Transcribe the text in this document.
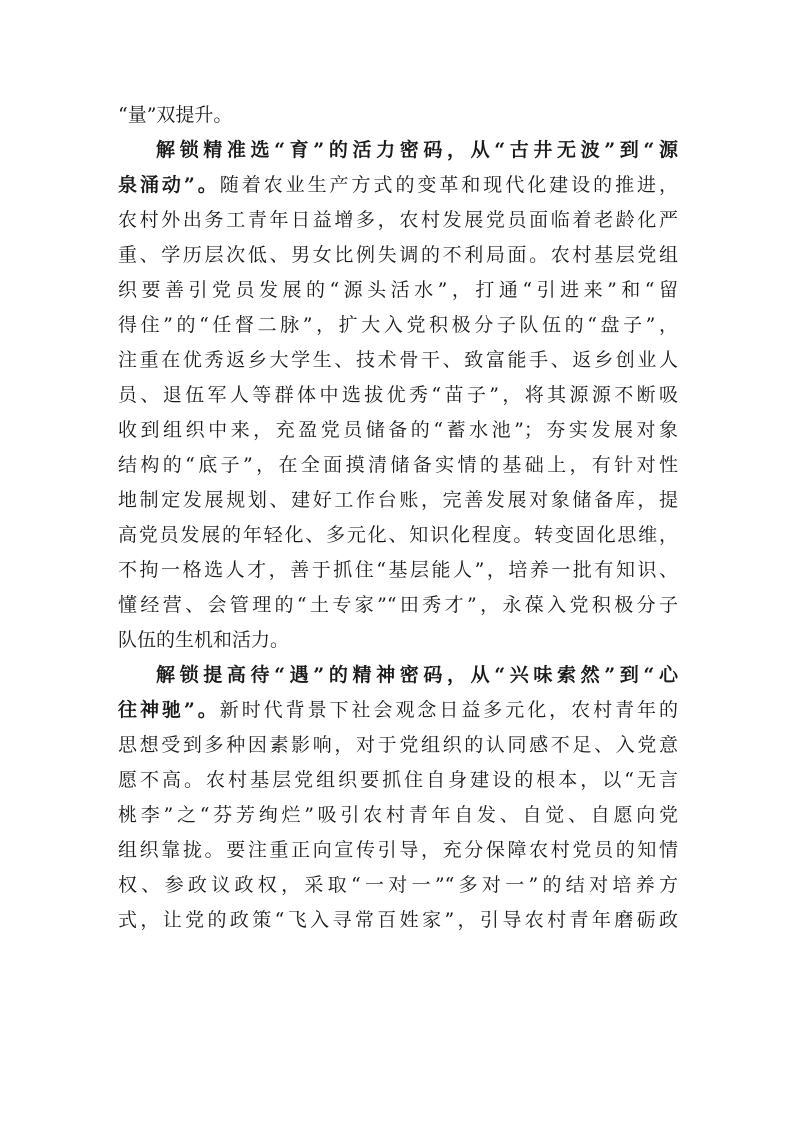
“量”双提升。
解锁精准选“育”的活力密码，从“古井无波”到“源
泉涌动”。随着农业生产方式的变革和现代化建设的推进，
农村外出务工青年日益增多，农村发展党员面临着老龄化严
重、学历层次低、男女比例失调的不利局面。农村基层党组
织要善引党员发展的“源头活水”，打通“引进来”和“留
得住”的“任督二脉”，扩大入党积极分子队伍的“盘子”，
注重在优秀返乡大学生、技术骨干、致富能手、返乡创业人
员、退伍军人等群体中选拔优秀“苗子”，将其源源不断吸
收到组织中来，充盈党员储备的“蓄水池”；夯实发展对象
结构的“底子”，在全面摸清储备实情的基础上，有针对性
地制定发展规划、建好工作台账，完善发展对象储备库，提
高党员发展的年轻化、多元化、知识化程度。转变固化思维，
不拘一格选人才，善于抓住“基层能人”，培养一批有知识、
懂经营、会管理的“土专家”“田秀才”，永葆入党积极分子
队伍的生机和活力。
解锁提高待“遇”的精神密码，从“兴味索然”到“心
往神驰”。新时代背景下社会观念日益多元化，农村青年的
思想受到多种因素影响，对于党组织的认同感不足、入党意
愿不高。农村基层党组织要抓住自身建设的根本，以“无言
桃李”之“芬芳绚烂”吸引农村青年自发、自觉、自愿向党
组织靠拢。要注重正向宣传引导，充分保障农村党员的知情
权、参政议政权，采取“一对一”“多对一”的结对培养方
式，让党的政策“飞入寻常百姓家”，引导农村青年磨砺政
